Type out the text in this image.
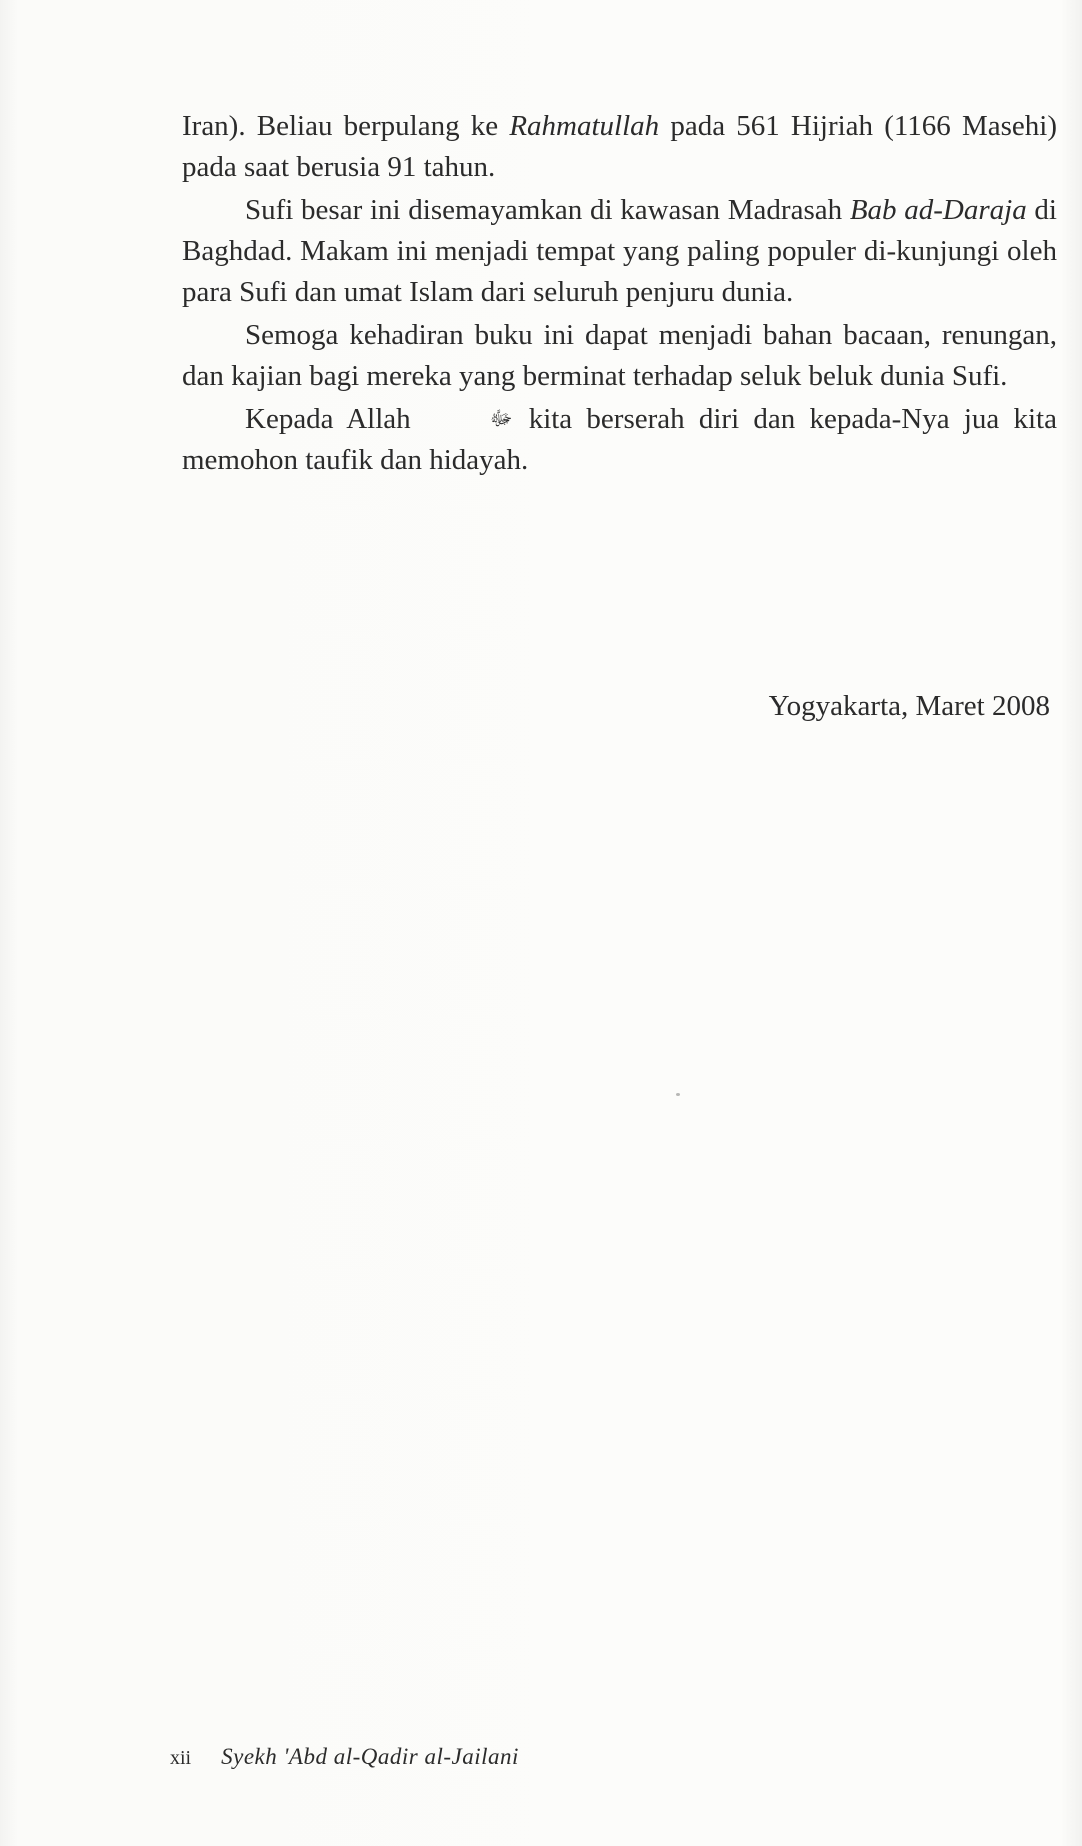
Iran). Beliau berpulang ke Rahmatullah pada 561 Hijriah (1166 Masehi) pada saat berusia 91 tahun.

Sufi besar ini disemayamkan di kawasan Madrasah Bab ad-Daraja di Baghdad. Makam ini menjadi tempat yang paling populer di-kunjungi oleh para Sufi dan umat Islam dari seluruh penjuru dunia.

Semoga kehadiran buku ini dapat menjadi bahan bacaan, renungan, dan kajian bagi mereka yang berminat terhadap seluk beluk dunia Sufi.

Kepada Allah	ﷻ kita berserah diri dan kepada-Nya jua kita memohon taufik dan hidayah.

Yogyakarta, Maret 2008
xii Syekh 'Abd al-Qadir al-Jailani
